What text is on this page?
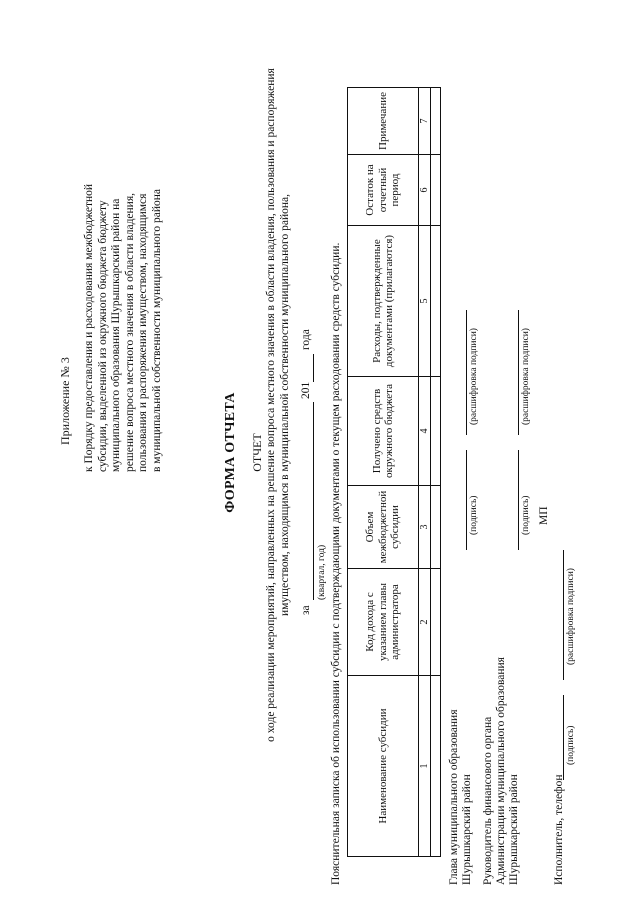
Приложение № 3 к Порядку предоставления и расходования межбюджетной субсидии, выделенной из окружного бюджета бюджету муниципального образования Шурышкарский район на решение вопроса местного значения в области владения, пользования и распоряжения имуществом, находящимся в муниципальной собственности муниципального района	ФОРМА ОТЧЕТА ОТЧЕТ о ходе реализации мероприятий, направленных на решение вопроса местного значения в области владения, пользования и распоряжения имуществом, находящимся в муниципальной собственности муниципального района, за
201
года
(квартал, год) Пояснительная записка об использовании субсидии с подтверждающими документами о текущем расходовании средств субсидии.	Наименование субсидии	Код дохода с указанием главы администратора	Объем межбюджетной субсидии	Получено средств окружного бюджета	Расходы, подтвержденные документами (прилагаются)	Остаток на отчетный период	Примечание
1	2	3	4	5	6	7

Глава муниципального образования Шурышкарский район
(подпись)
(расшифровка подписи)
Руководитель финансового органа Администрации муниципального образования Шурышкарский район
(подпись)
(расшифровка подписи)
МП
Исполнитель, телефон
(подпись)
(расшифровка подписи)
